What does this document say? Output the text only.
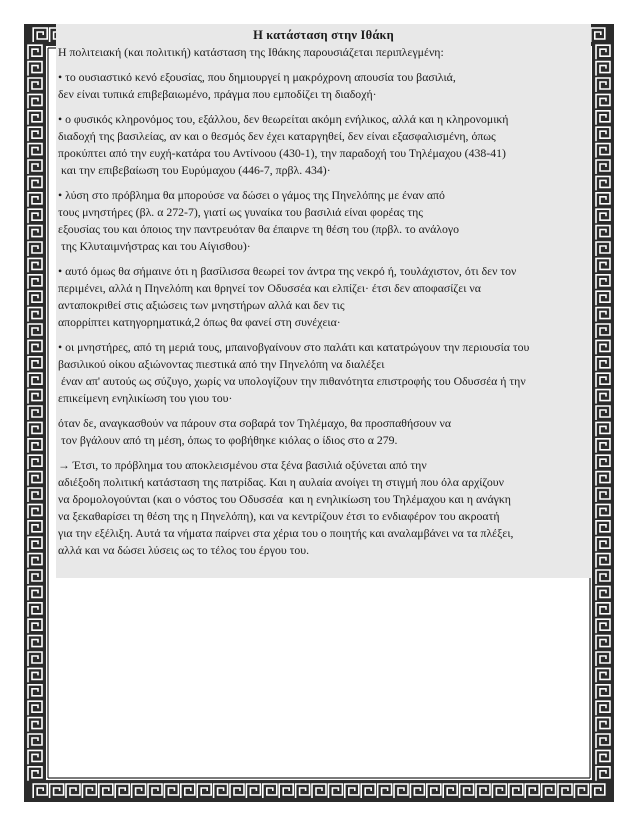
Η κατάσταση στην Ιθάκη
Η πολιτειακή (και πολιτική) κατάσταση της Ιθάκης παρουσιάζεται περιπλεγμένη:
• το ουσιαστικό κενό εξουσίας, που δημιουργεί η μακρόχρονη απουσία του βασιλιά,
δεν είναι τυπικά επιβεβαιωμένο, πράγμα που εμποδίζει τη διαδοχή·
• ο φυσικός κληρονόμος του, εξάλλου, δεν θεωρείται ακόμη ενήλικος, αλλά και η κληρονομική
διαδοχή της βασιλείας, αν και ο θεσμός δεν έχει καταργηθεί, δεν είναι εξασφαλισμένη, όπως
προκύπτει από την ευχή-κατάρα του Αντίνοου (430-1), την παραδοχή του Τηλέμαχου (438-41)
και την επιβεβαίωση του Ευρύμαχου (446-7, πρβλ. 434)·
• λύση στο πρόβλημα θα μπορούσε να δώσει ο γάμος της Πηνελόπης με έναν από
τους μνηστήρες (βλ. α 272-7), γιατί ως γυναίκα του βασιλιά είναι φορέας της
εξουσίας του και όποιος την παντρευόταν θα έπαιρνε τη θέση του (πρβλ. το ανάλογο
της Κλυταιμνήστρας και του Αίγισθου)·
• αυτό όμως θα σήμαινε ότι η βασίλισσα θεωρεί τον άντρα της νεκρό ή, τουλάχιστον, ότι δεν τον
περιμένει, αλλά η Πηνελόπη και θρηνεί τον Οδυσσέα και ελπίζει· έτσι δεν αποφασίζει να
ανταποκριθεί στις αξιώσεις των μνηστήρων αλλά και δεν τις
απορρίπτει κατηγορηματικά,2 όπως θα φανεί στη συνέχεια·
• οι μνηστήρες, από τη μεριά τους, μπαινοβγαίνουν στο παλάτι και κατατρώγουν την περιουσία του
βασιλικού οίκου αξιώνοντας πιεστικά από την Πηνελόπη να διαλέξει
έναν απ' αυτούς ως σύζυγο, χωρίς να υπολογίζουν την πιθανότητα επιστροφής του Οδυσσέα ή την
επικείμενη ενηλικίωση του γιου του·
όταν δε, αναγκασθούν να πάρουν στα σοβαρά τον Τηλέμαχο, θα προσπαθήσουν να
τον βγάλουν από τη μέση, όπως το φοβήθηκε κιόλας ο ίδιος στο α 279.
→ Έτσι, το πρόβλημα του αποκλεισμένου στα ξένα βασιλιά οξύνεται από την
αδιέξοδη πολιτική κατάσταση της πατρίδας. Και η αυλαία ανοίγει τη στιγμή που όλα αρχίζουν
να δρομολογούνται (και ο νόστος του Οδυσσέα  και η ενηλικίωση του Τηλέμαχου και η ανάγκη
να ξεκαθαρίσει τη θέση της η Πηνελόπη), και να κεντρίζουν έτσι το ενδιαφέρον του ακροατή
για την εξέλιξη. Αυτά τα νήματα παίρνει στα χέρια του ο ποιητής και αναλαμβάνει να τα πλέξει,
αλλά και να δώσει λύσεις ως το τέλος του έργου του.
